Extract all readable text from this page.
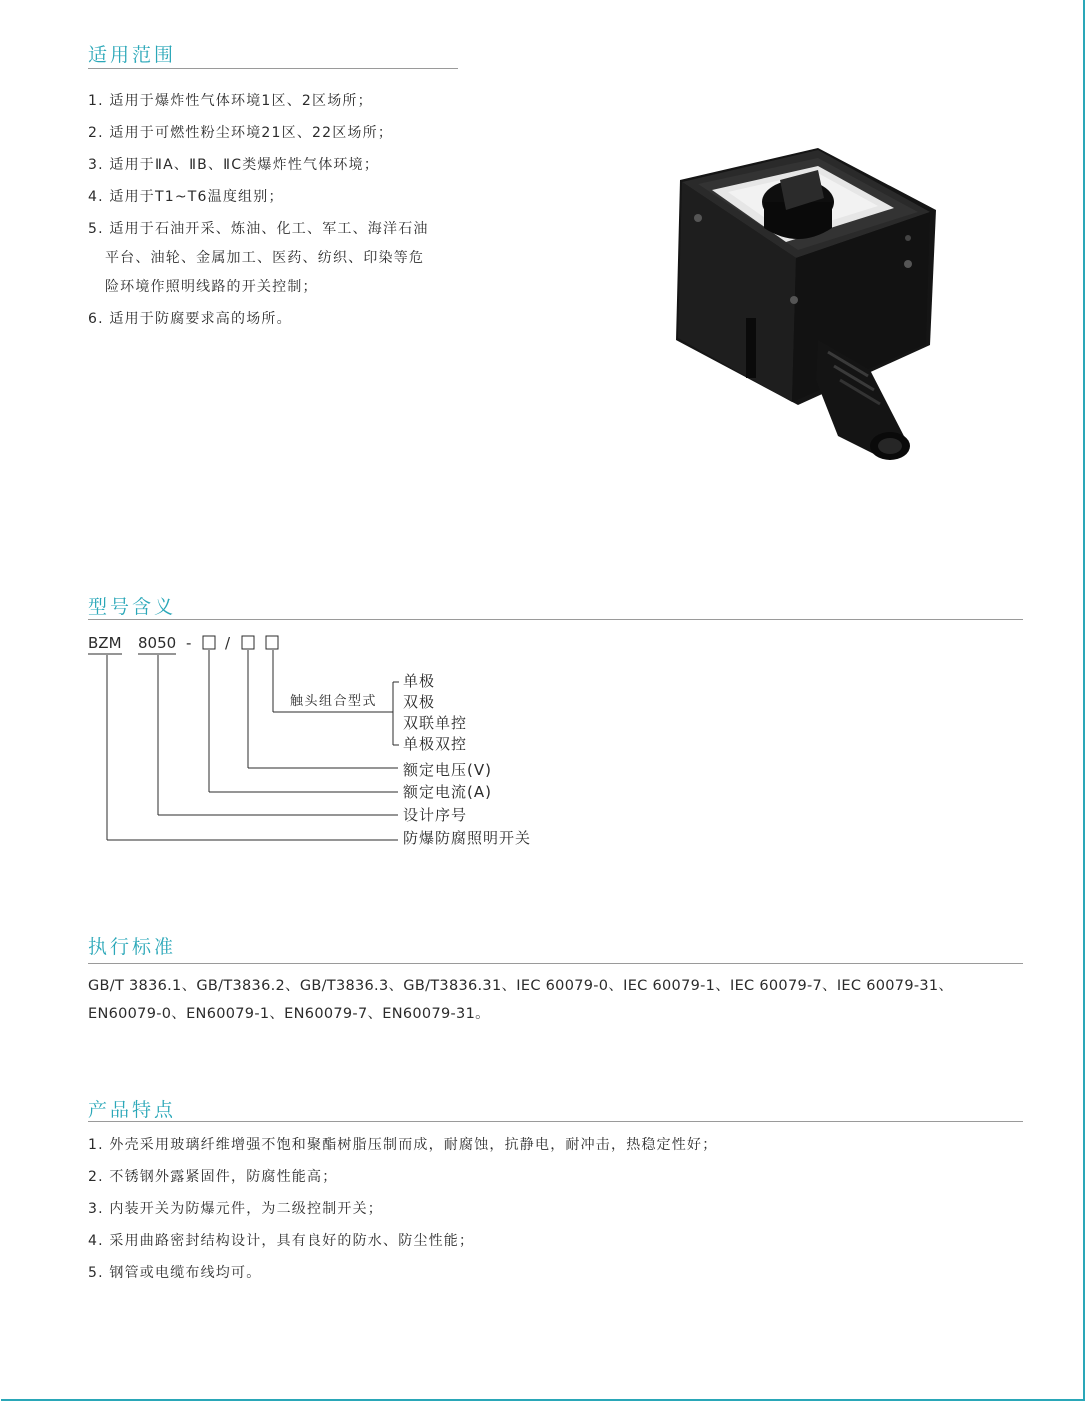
适用范围
1. 适用于爆炸性气体环境1区、2区场所；
2. 适用于可燃性粉尘环境21区、22区场所；
3. 适用于ⅡA、ⅡB、ⅡC类爆炸性气体环境；
4. 适用于T1~T6温度组别；
5. 适用于石油开采、炼油、化工、军工、海洋石油
平台、油轮、金属加工、医药、纺织、印染等危
险环境作照明线路的开关控制；
6. 适用于防腐要求高的场所。
型号含义
BZM 8050 - /
触头组合型式
单极
双极
双联单控
单极双控
额定电压(V)
额定电流(A)
设计序号
防爆防腐照明开关
执行标准
GB/T 3836.1、GB/T3836.2、GB/T3836.3、GB/T3836.31、IEC 60079-0、IEC 60079-1、IEC 60079-7、IEC 60079-31、
EN60079-0、EN60079-1、EN60079-7、EN60079-31。
产品特点
1. 外壳采用玻璃纤维增强不饱和聚酯树脂压制而成，耐腐蚀，抗静电，耐冲击，热稳定性好；
2. 不锈钢外露紧固件，防腐性能高；
3. 内装开关为防爆元件，为二级控制开关；
4. 采用曲路密封结构设计，具有良好的防水、防尘性能；
5. 钢管或电缆布线均可。
